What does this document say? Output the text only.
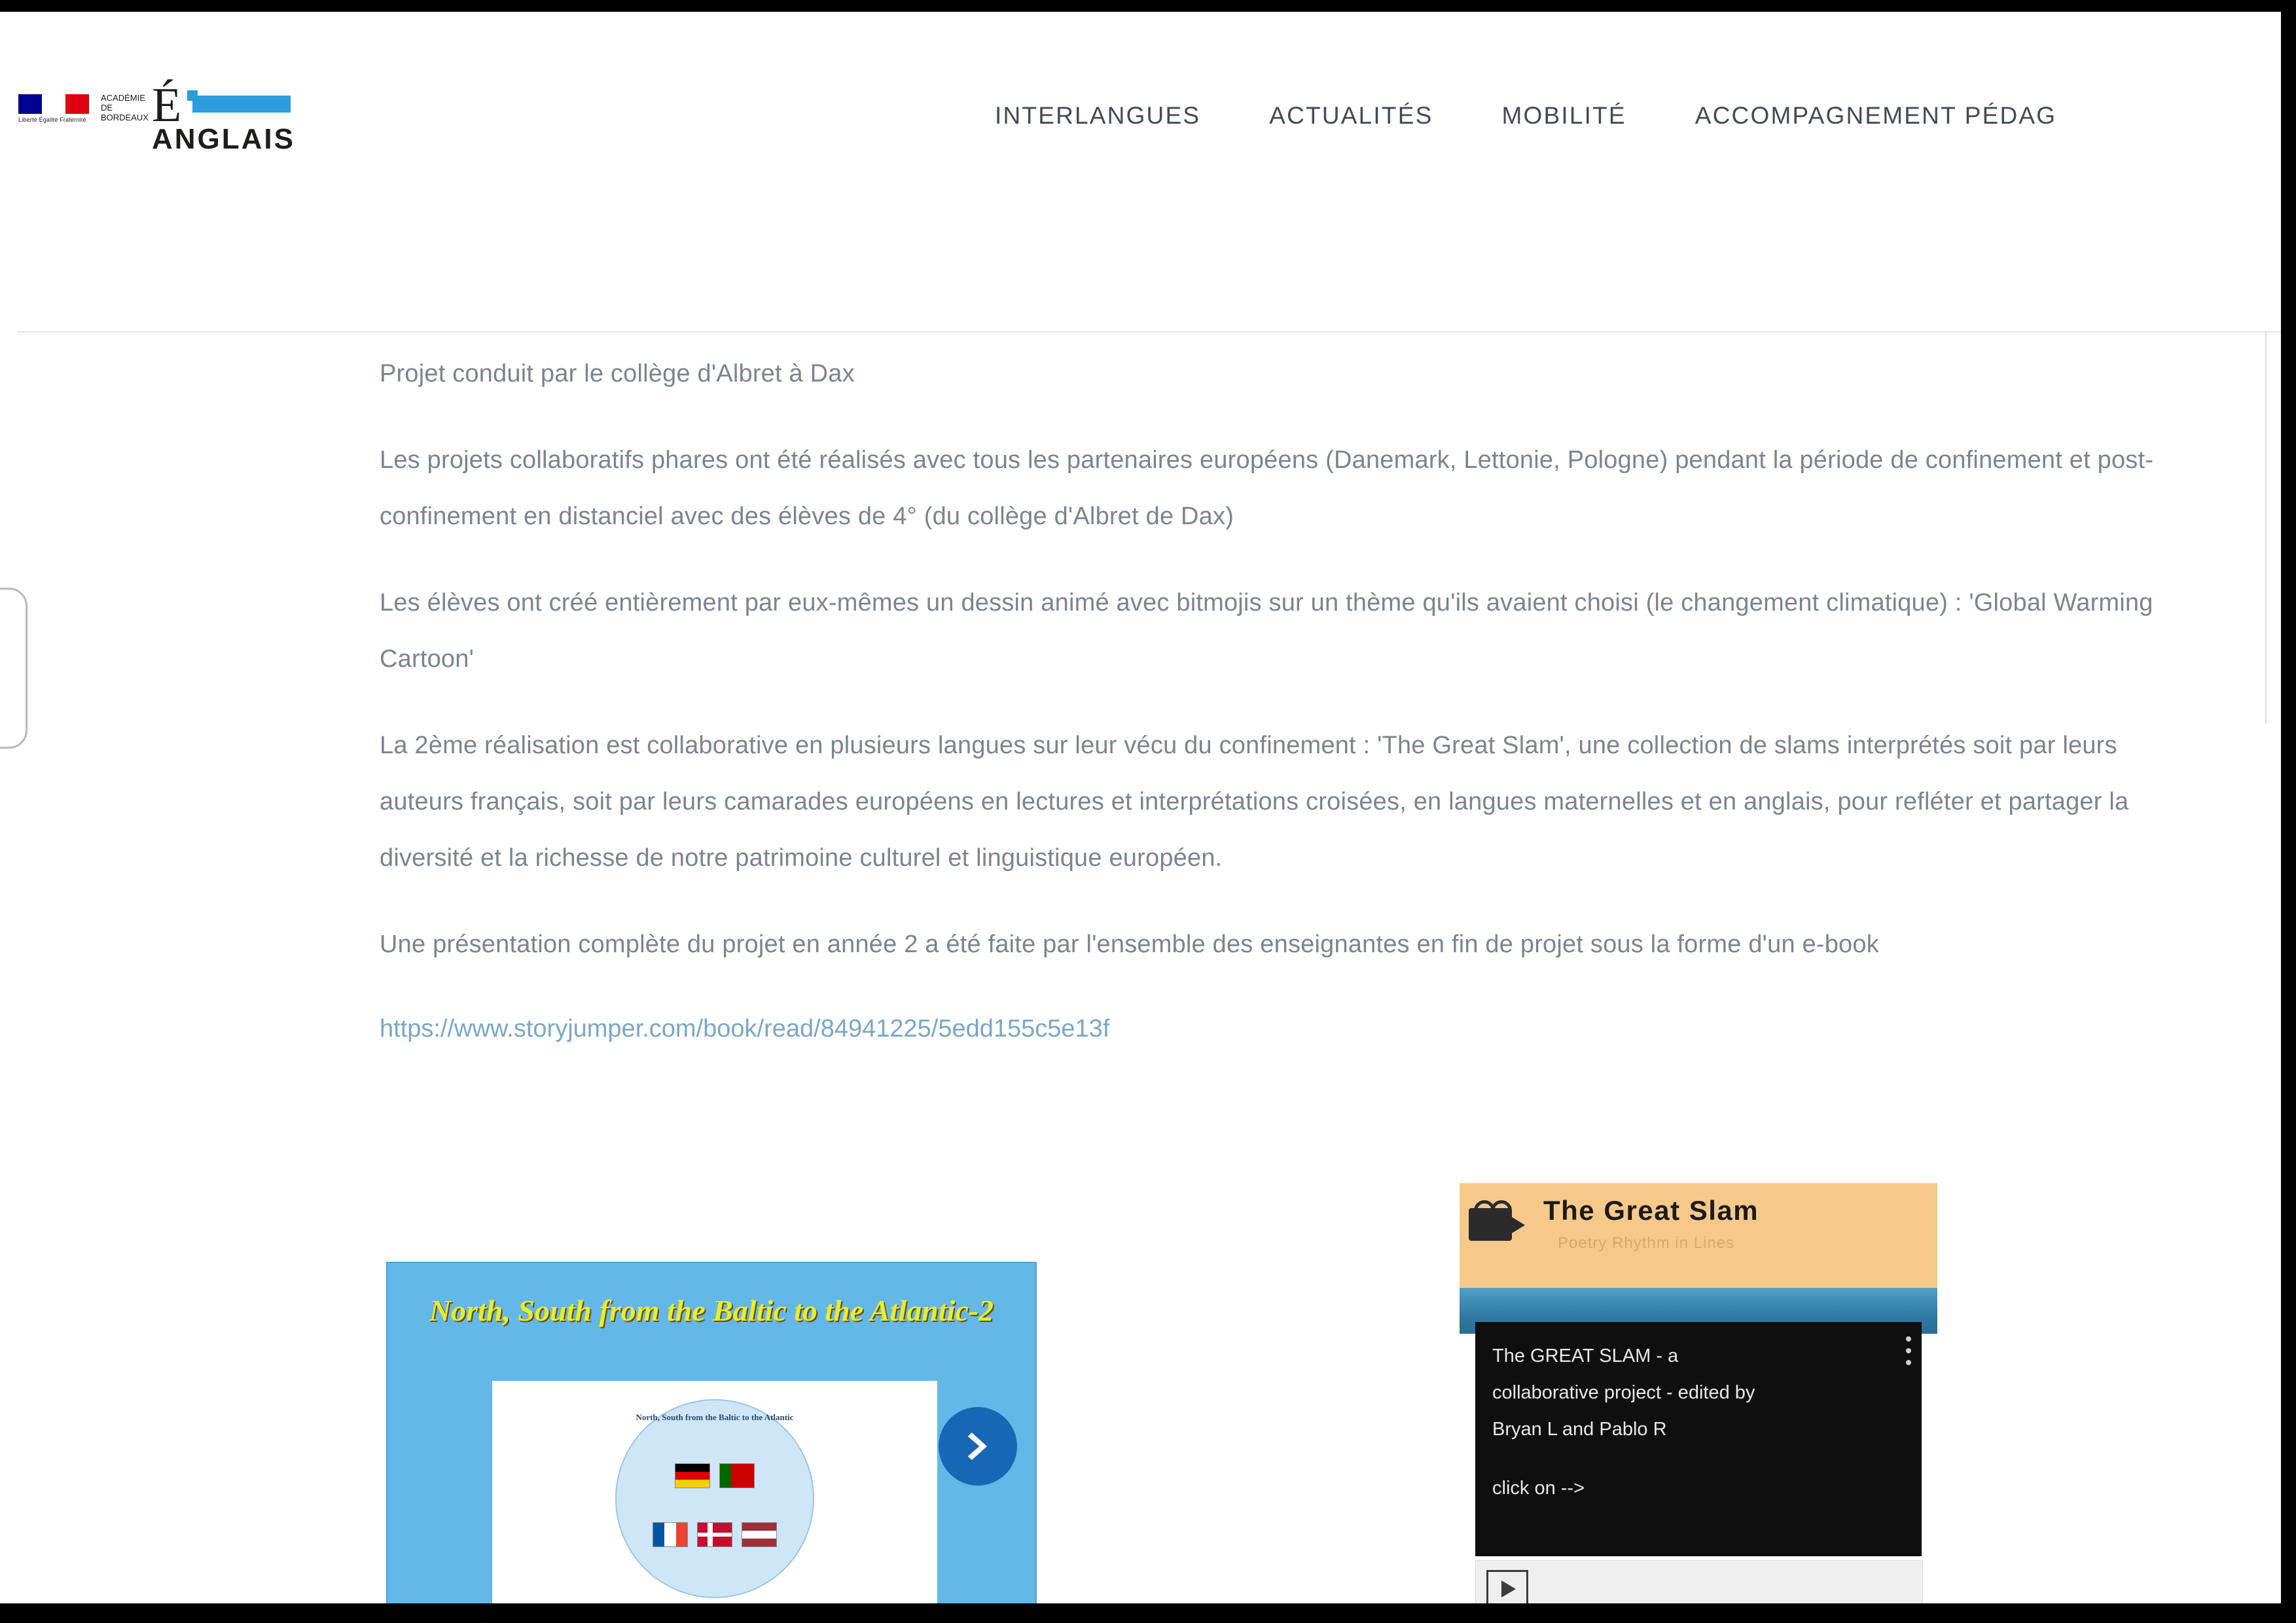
Liberté Égalité Fraternité
ACADÉMIE DE BORDEAUX É
ANGLAIS
INTERLANGUES	ACTUALITÉS	MOBILITÉ	ACCOMPAGNEMENT PÉDAG

Projet conduit par le collège d'Albret à Dax

Les projets collaboratifs phares ont été réalisés avec tous les partenaires européens (Danemark, Lettonie, Pologne) pendant la période de confinement et post-confinement en distanciel avec des élèves de 4° (du collège d'Albret de Dax)

Les élèves ont créé entièrement par eux-mêmes un dessin animé avec bitmojis sur un thème qu'ils avaient choisi (le changement climatique) : 'Global Warming Cartoon'

La 2ème réalisation est collaborative en plusieurs langues sur leur vécu du confinement : 'The Great Slam', une collection de slams interprétés soit par leurs auteurs français, soit par leurs camarades européens en lectures et interprétations croisées, en langues maternelles et en anglais, pour refléter et partager la diversité et la richesse de notre patrimoine culturel et linguistique européen.

Une présentation complète du projet en année 2 a été faite par l'ensemble des enseignantes en fin de projet sous la forme d'un e-book

https://www.storyjumper.com/book/read/84941225/5edd155c5e13f
North, South from the Baltic to the Atlantic-2
North, South from the Baltic to the Atlantic
The Great Slam
Poetry Rhythm in Lines

The GREAT SLAM - a

collaborative project - edited by

Bryan L and Pablo R

click on -->
